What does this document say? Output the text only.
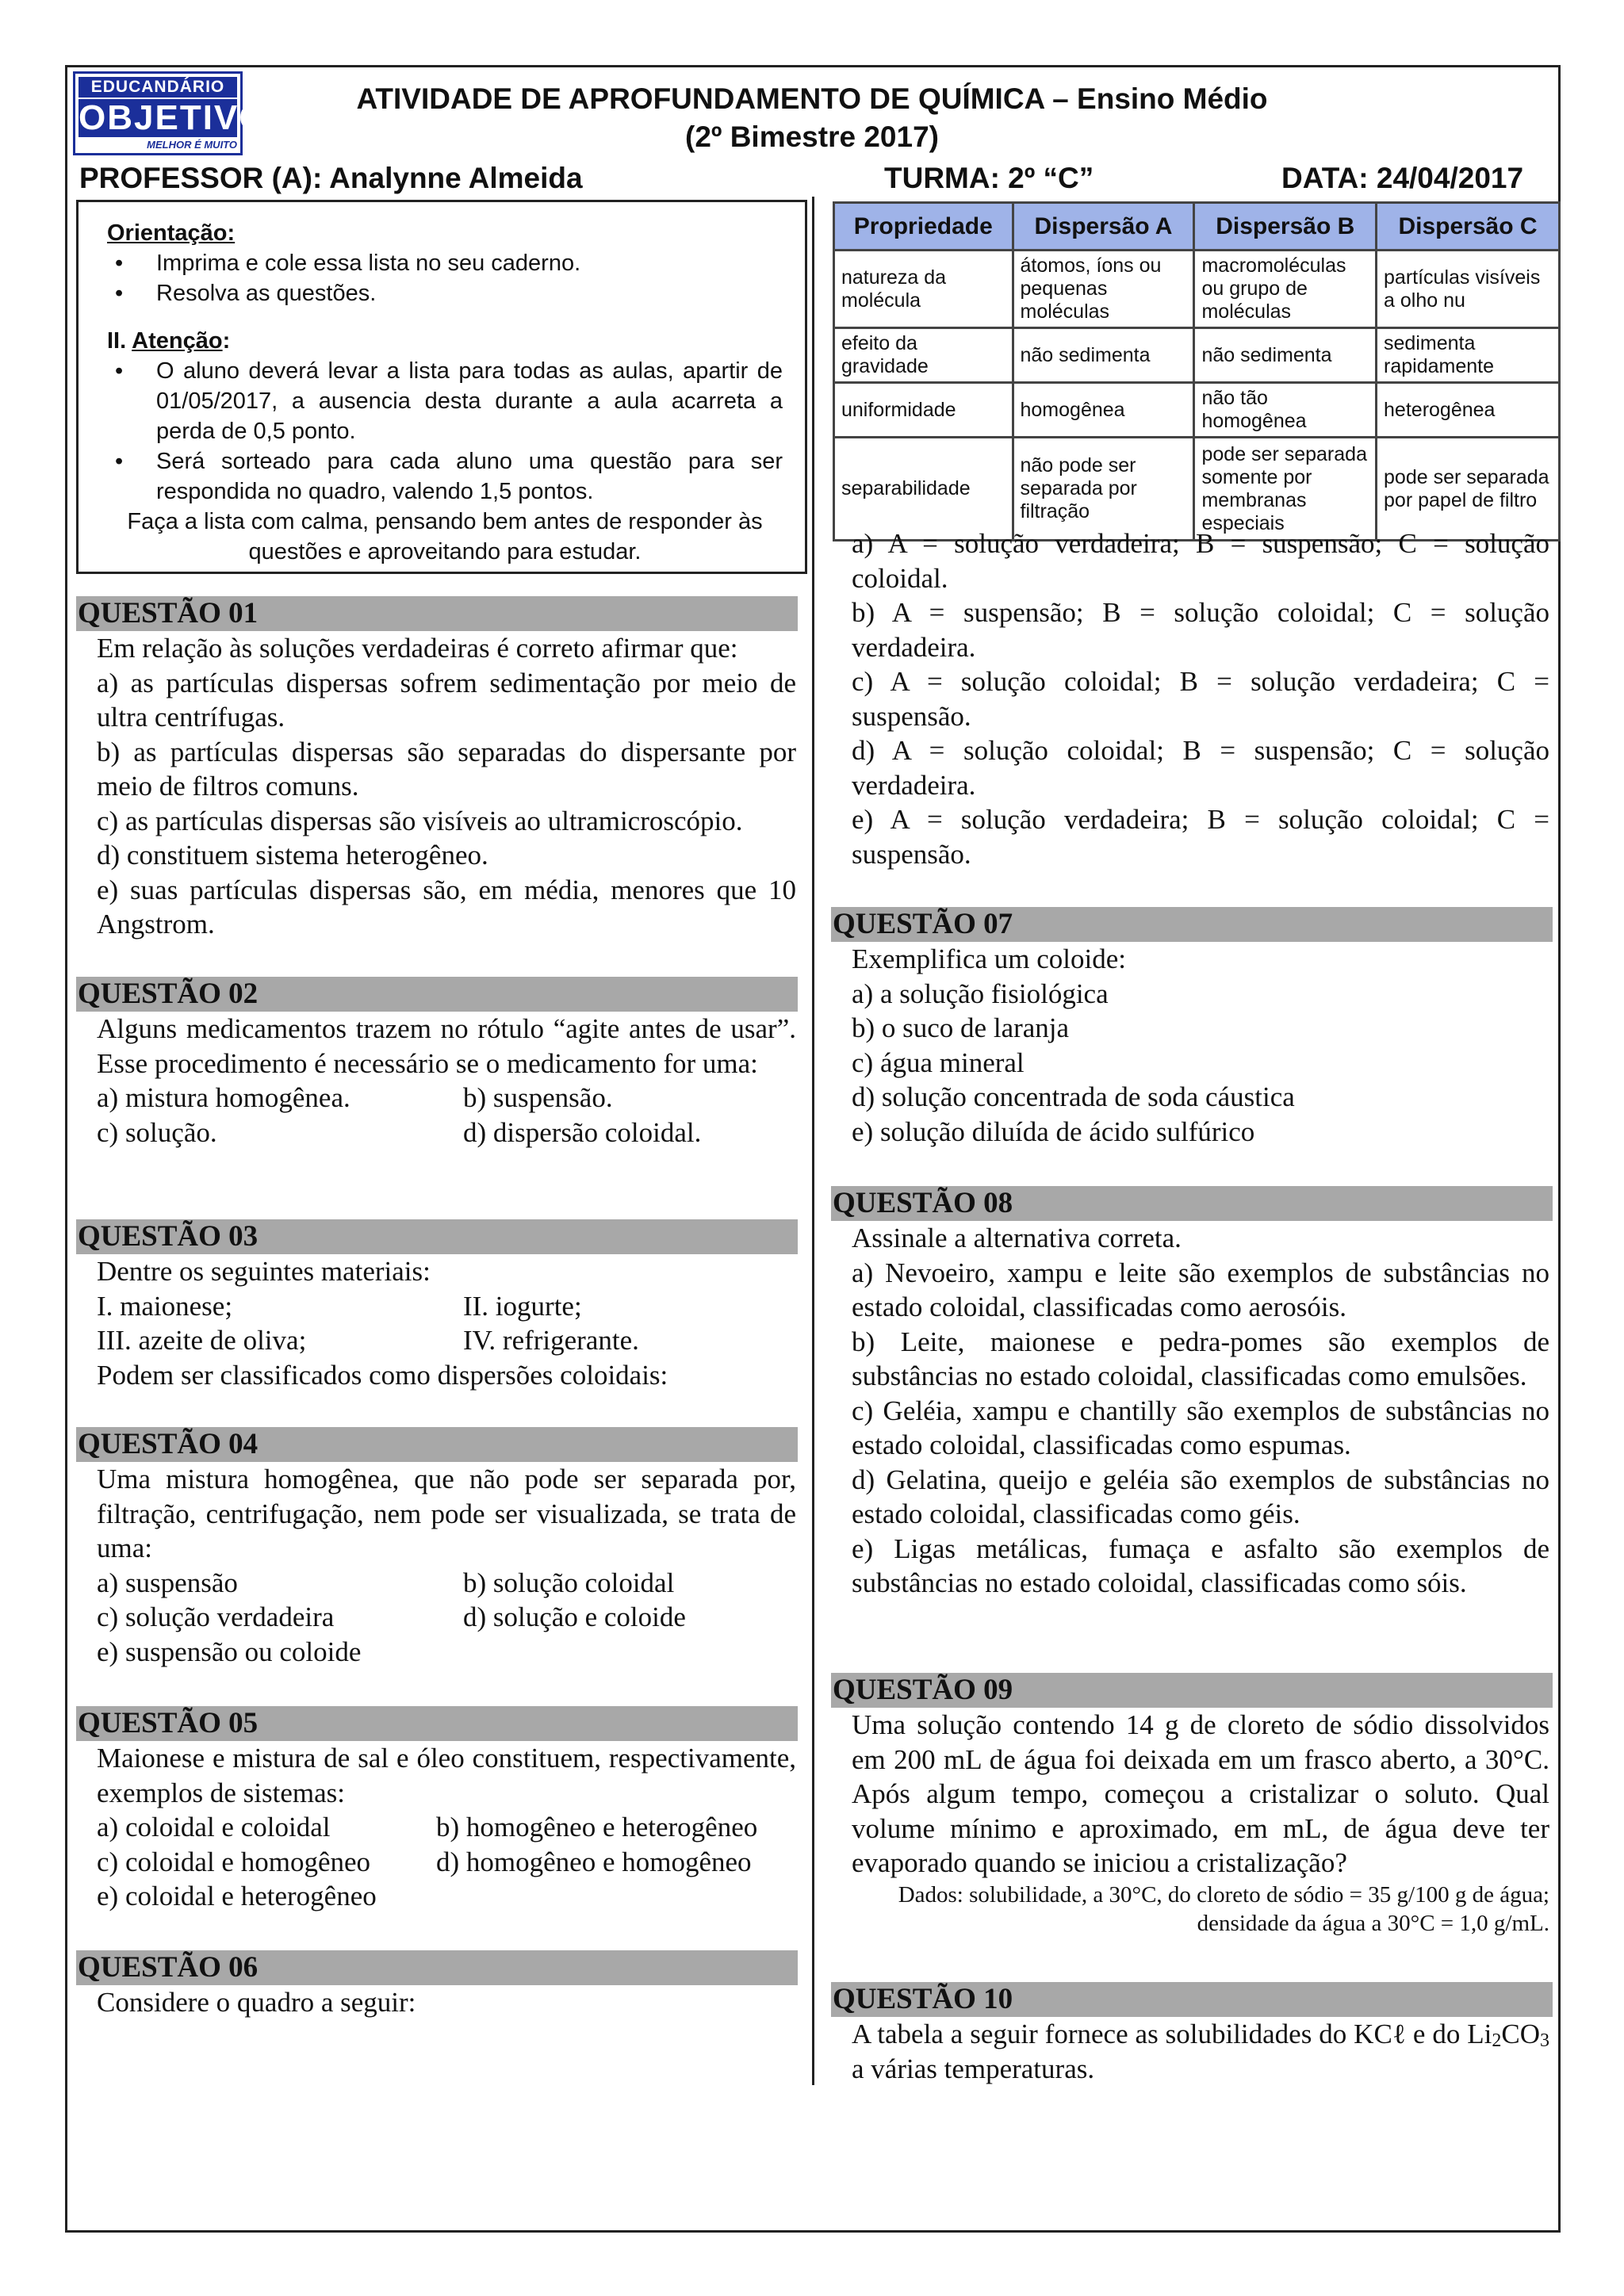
EDUCANDÁRIO
OBJETIVO
MELHOR É MUITO
ATIVIDADE DE APROFUNDAMENTO DE QUÍMICA – Ensino Médio
(2º Bimestre 2017)
PROFESSOR (A): Analynne Almeida	TURMA: 2º “C”	DATA: 24/04/2017
Orientação:
• Imprima e cole essa lista no seu caderno.
• Resolva as questões.
II. Atenção:
• O aluno deverá levar a lista para todas as aulas, apartir de 01/05/2017, a ausencia desta durante a aula acarreta a perda de 0,5 ponto.
• Será sorteado para cada aluno uma questão para ser respondida no quadro, valendo 1,5 pontos.
Faça a lista com calma, pensando bem antes de responder às questões e aproveitando para estudar.
QUESTÃO 01

Em relação às soluções verdadeiras é correto afirmar que:

a) as partículas dispersas sofrem sedimentação por meio de ultra centrífugas.

b) as partículas dispersas são separadas do dispersante por meio de filtros comuns.

c) as partículas dispersas são visíveis ao ultramicroscópio.

d) constituem sistema heterogêneo.

e) suas partículas dispersas são, em média, menores que 10 Angstrom.

QUESTÃO 02

Alguns medicamentos trazem no rótulo “agite antes de usar”. Esse procedimento é necessário se o medicamento for uma:

a) mistura homogênea.	b) suspensão.
c) solução.	d) dispersão coloidal.
QUESTÃO 03

Dentre os seguintes materiais:

I. maionese;	II. iogurte;
III. azeite de oliva;	IV. refrigerante.

Podem ser classificados como dispersões coloidais:

QUESTÃO 04

Uma mistura homogênea, que não pode ser separada por, filtração, centrifugação, nem pode ser visualizada, se trata de uma:

a) suspensão	b) solução coloidal
c) solução verdadeira	d) solução e coloide
e) suspensão ou coloide
QUESTÃO 05

Maionese e mistura de sal e óleo constituem, respectivamente, exemplos de sistemas:

a) coloidal e coloidal	b) homogêneo e heterogêneo
c) coloidal e homogêneo d) homogêneo e homogêneo
e) coloidal e heterogêneo
QUESTÃO 06

Considere o quadro a seguir:

Propriedade	Dispersão A	Dispersão B	Dispersão C
natureza da molécula	átomos, íons ou pequenas moléculas	macromoléculas ou grupo de moléculas	partículas visíveis a olho nu
efeito da gravidade	não sedimenta	não sedimenta	sedimenta rapidamente
uniformidade	homogênea	não tão homogênea	heterogênea
separabilidade	não pode ser separada por filtração	pode ser separada somente por membranas especiais	pode ser separada por papel de filtro

a) A = solução verdadeira; B = suspensão; C = solução coloidal.

b) A = suspensão; B = solução coloidal; C = solução verdadeira.

c) A = solução coloidal; B = solução verdadeira; C = suspensão.

d) A = solução coloidal; B = suspensão; C = solução verdadeira.

e) A = solução verdadeira; B = solução coloidal; C = suspensão.

QUESTÃO 07

Exemplifica um coloide:

a) a solução fisiológica

b) o suco de laranja

c) água mineral

d) solução concentrada de soda cáustica

e) solução diluída de ácido sulfúrico

QUESTÃO 08

Assinale a alternativa correta.

a) Nevoeiro, xampu e leite são exemplos de substâncias no estado coloidal, classificadas como aerosóis.

b) Leite, maionese e pedra-pomes são exemplos de substâncias no estado coloidal, classificadas como emulsões.

c) Geléia, xampu e chantilly são exemplos de substâncias no estado coloidal, classificadas como espumas.

d) Gelatina, queijo e geléia são exemplos de substâncias no estado coloidal, classificadas como géis.

e) Ligas metálicas, fumaça e asfalto são exemplos de substâncias no estado coloidal, classificadas como sóis.

QUESTÃO 09

Uma solução contendo 14 g de cloreto de sódio dissolvidos em 200 mL de água foi deixada em um frasco aberto, a 30°C. Após algum tempo, começou a cristalizar o soluto. Qual volume mínimo e aproximado, em mL, de água deve ter evaporado quando se iniciou a cristalização?

Dados: solubilidade, a 30°C, do cloreto de sódio = 35 g/100 g de água; densidade da água a 30°C = 1,0 g/mL.

QUESTÃO 10

A tabela a seguir fornece as solubilidades do KCℓ e do $Li_2CO_3$ a várias temperaturas.
